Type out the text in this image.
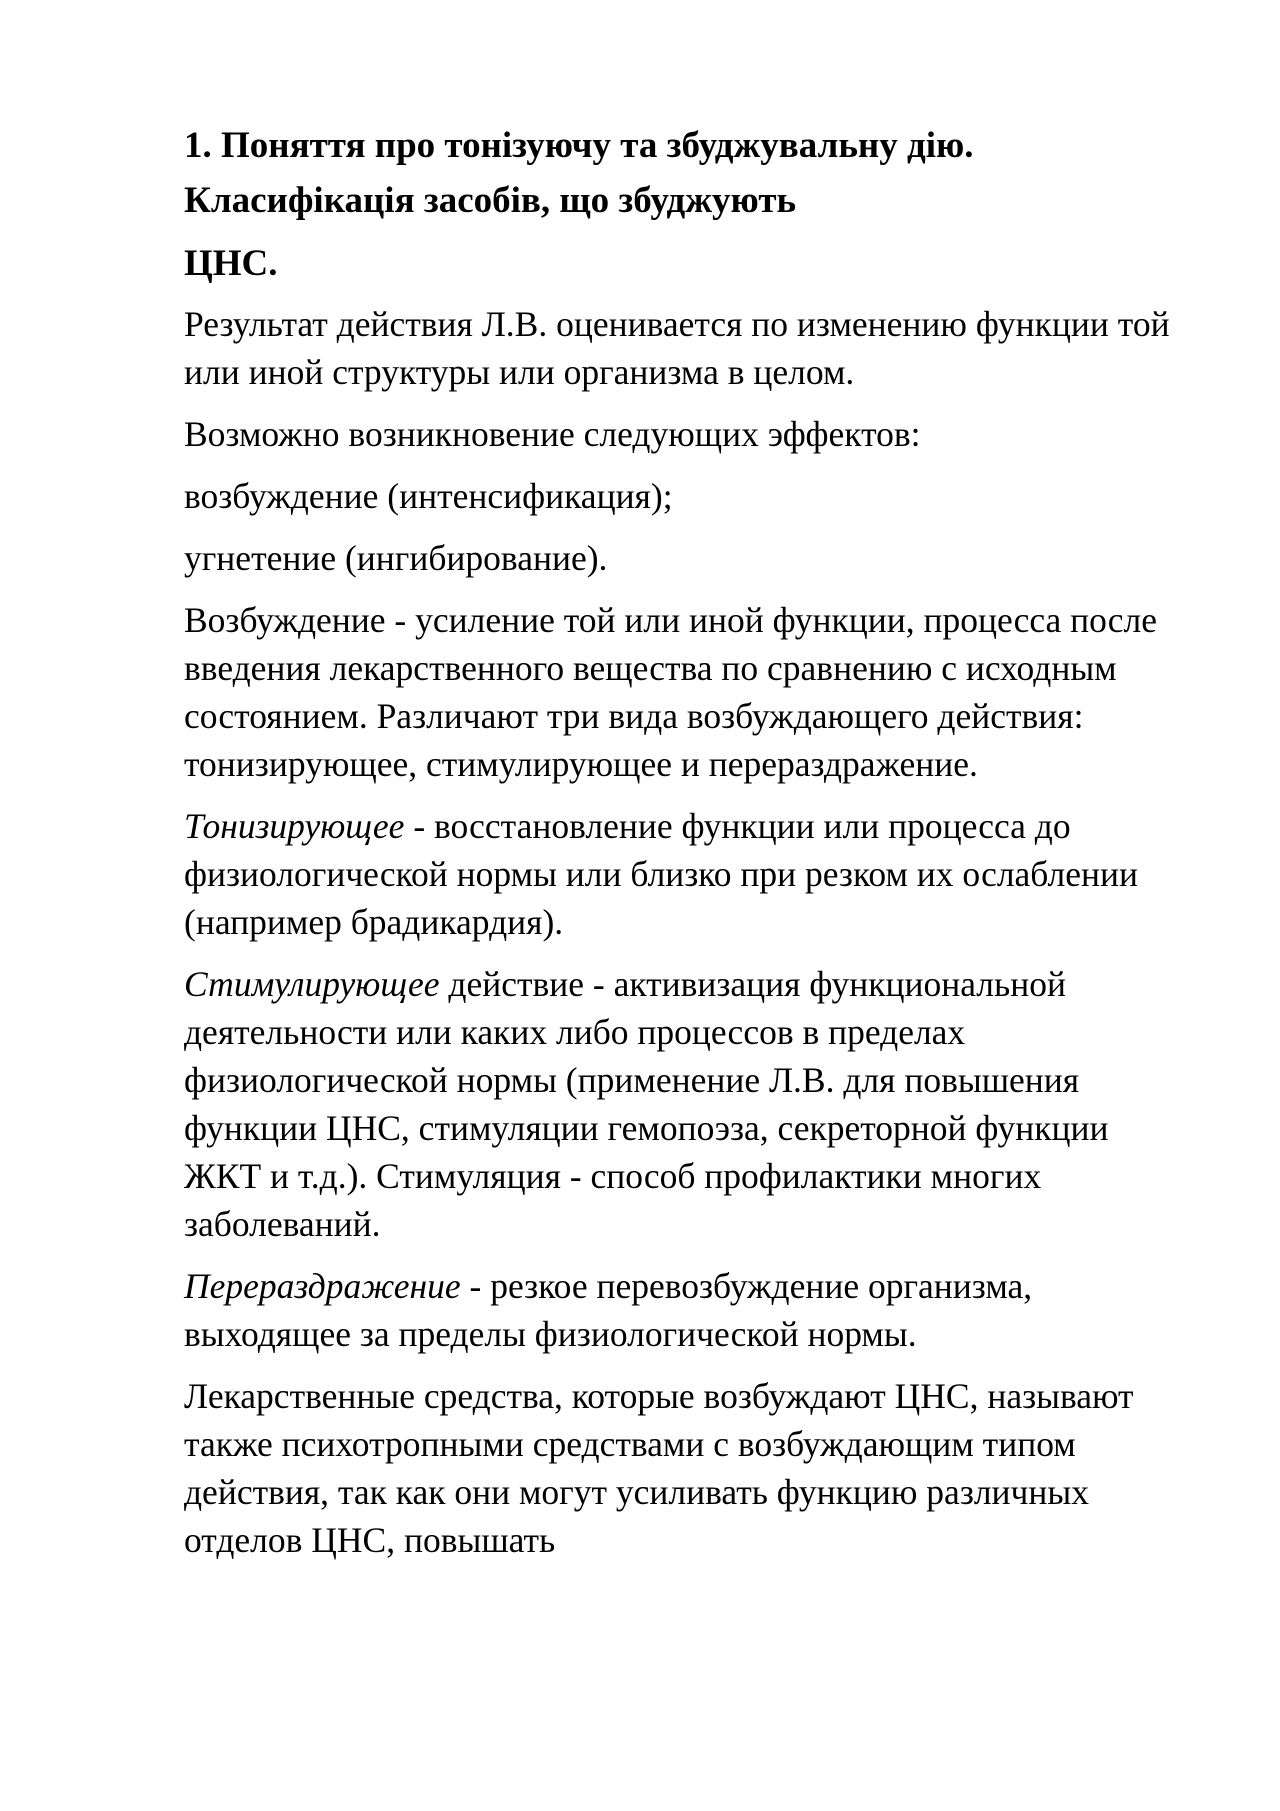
1. Поняття про тонізуючу та збуджувальну дію. Класифікація засобів, що збуджують
ЦНС.

Результат действия Л.В. оценивается по изменению функции той или иной структуры или организма в целом.

Возможно возникновение следующих эффектов:

возбуждение (интенсификация);

угнетение (ингибирование).

Возбуждение - усиление той или иной функции, процесса после введения лекарственного вещества по сравнению с исходным состоянием. Различают три вида возбуждающего действия: тонизирующее, стимулирующее и перераздражение.

Тонизирующее - восстановление функции или процесса до физиологической нормы или близко при резком их ослаблении (например брадикардия).

Стимулирующее действие - активизация функциональной деятельности или каких либо процессов в пределах физиологической нормы (применение Л.В. для повышения функции ЦНС, стимуляции гемопоэза, секреторной функции ЖКТ и т.д.). Стимуляция - способ профилактики многих заболеваний.

Перераздражение - резкое перевозбуждение организма, выходящее за пределы физиологической нормы.

Лекарственные средства, которые возбуждают ЦНС, называют также психотропными средствами с возбуждающим типом действия, так как они могут усиливать функцию различных отделов ЦНС, повышать
